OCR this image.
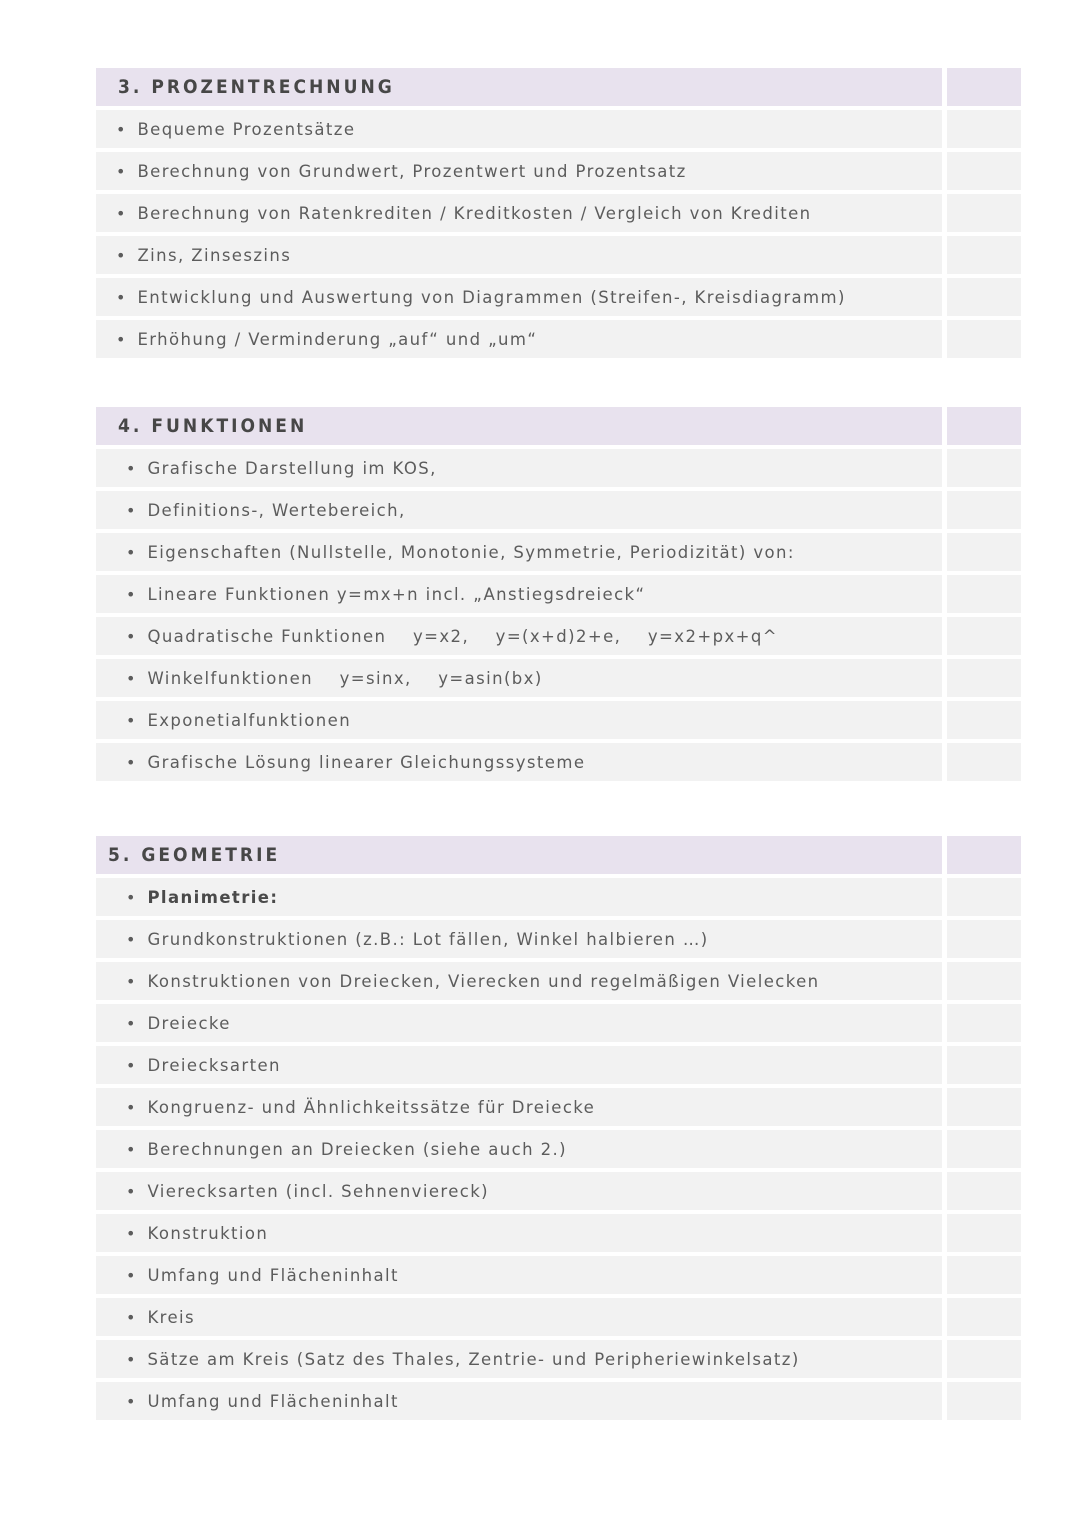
3. PROZENTRECHNUNG
• Bequeme Prozentsätze
• Berechnung von Grundwert, Prozentwert und Prozentsatz
• Berechnung von Ratenkrediten / Kreditkosten / Vergleich von Krediten
• Zins, Zinseszins
• Entwicklung und Auswertung von Diagrammen (Streifen-, Kreisdiagramm)
• Erhöhung / Verminderung „auf“ und „um“
4. FUNKTIONEN
• Grafische Darstellung im KOS,
• Definitions-, Wertebereich,
• Eigenschaften (Nullstelle, Monotonie, Symmetrie, Periodizität) von:
• Lineare Funktionen y=mx+n incl. „Anstiegsdreieck“
• Quadratische Funktionen    y=x2,    y=(x+d)2+e,    y=x2+px+q^
• Winkelfunktionen    y=sinx,    y=asin(bx)
• Exponetialfunktionen
• Grafische Lösung linearer Gleichungssysteme
5. GEOMETRIE
• Planimetrie:
• Grundkonstruktionen (z.B.: Lot fällen, Winkel halbieren …)
• Konstruktionen von Dreiecken, Vierecken und regelmäßigen Vielecken
• Dreiecke
• Dreiecksarten
• Kongruenz- und Ähnlichkeitssätze für Dreiecke
• Berechnungen an Dreiecken (siehe auch 2.)
• Vierecksarten (incl. Sehnenviereck)
• Konstruktion
• Umfang und Flächeninhalt
• Kreis
• Sätze am Kreis (Satz des Thales, Zentrie- und Peripheriewinkelsatz)
• Umfang und Flächeninhalt
